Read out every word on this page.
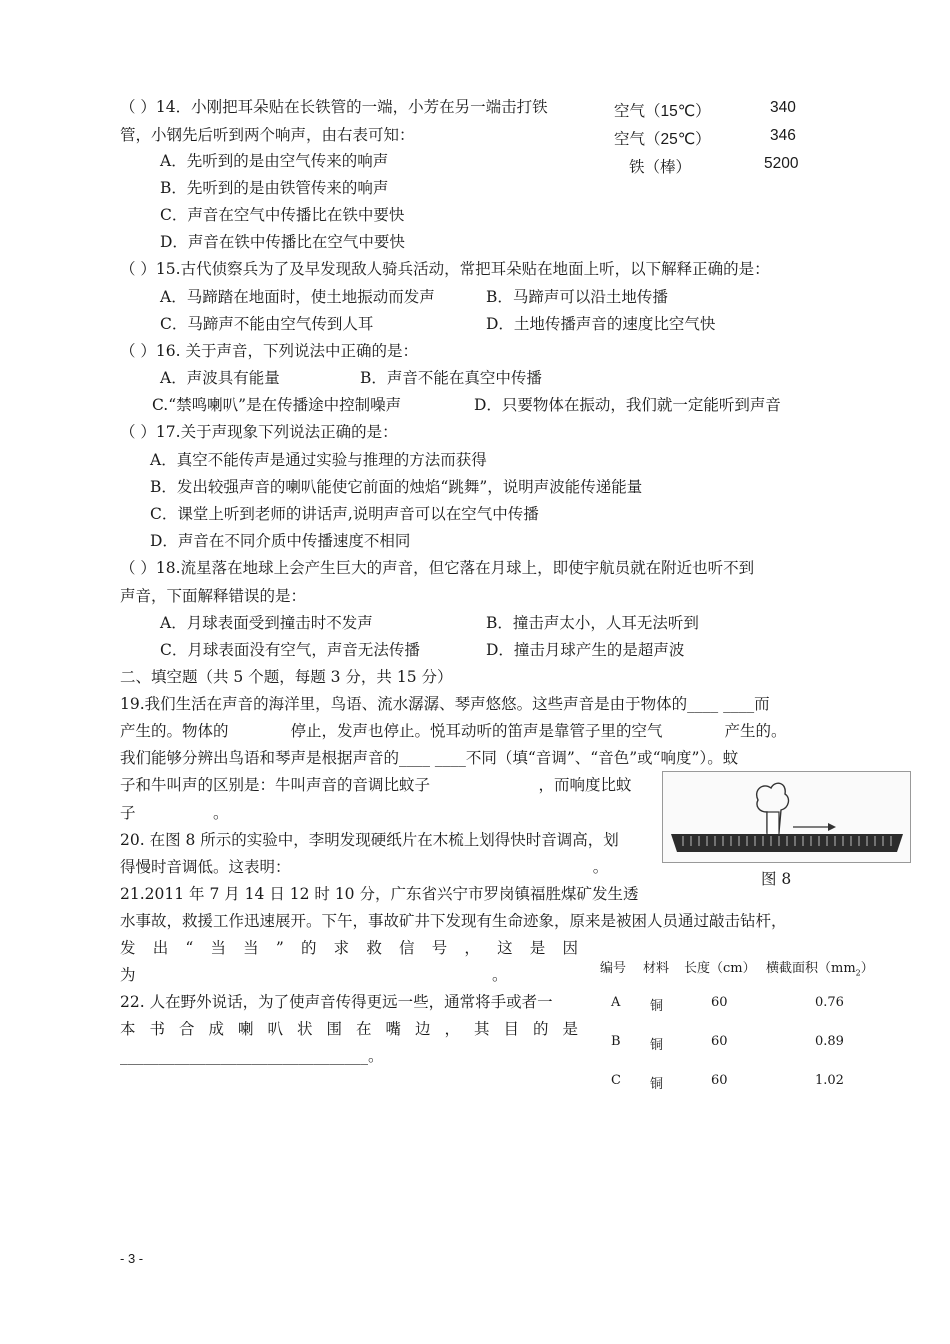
（ ）14．小刚把耳朵贴在长铁管的一端，小芳在另一端击打铁
管，小钢先后听到两个响声，由右表可知：
A．先听到的是由空气传来的响声
B．先听到的是由铁管传来的响声
C．声音在空气中传播比在铁中要快
D．声音在铁中传播比在空气中要快
空气（15℃）	340
空气（25℃）	346
铁（棒）	5200
（ ）15.古代侦察兵为了及早发现敌人骑兵活动，常把耳朵贴在地面上听，以下解释正确的是：
A．马蹄踏在地面时，使土地振动而发声	B．马蹄声可以沿土地传播
C．马蹄声不能由空气传到人耳	D．土地传播声音的速度比空气快
（ ）16. 关于声音，下列说法中正确的是：
A．声波具有能量	B．声音不能在真空中传播
C.“禁鸣喇叭”是在传播途中控制噪声	D．只要物体在振动，我们就一定能听到声音
（ ）17.关于声现象下列说法正确的是：
A．真空不能传声是通过实验与推理的方法而获得
B．发出较强声音的喇叭能使它前面的烛焰“跳舞”，说明声波能传递能量
C．课堂上听到老师的讲话声,说明声音可以在空气中传播
D．声音在不同介质中传播速度不相同
（ ）18.流星落在地球上会产生巨大的声音，但它落在月球上，即使宇航员就在附近也听不到
声音，下面解释错误的是：
A．月球表面受到撞击时不发声	B．撞击声太小，人耳无法听到
C．月球表面没有空气，声音无法传播	D．撞击月球产生的是超声波
二、填空题（共 5 个题，每题 3 分，共 15 分）
19.我们生活在声音的海洋里，鸟语、流水潺潺、琴声悠悠。这些声音是由于物体的____ ____而
产生的。物体的　　　　停止，发声也停止。悦耳动听的笛声是靠管子里的空气　　　　产生的。
我们能够分辨出鸟语和琴声是根据声音的____ ____不同（填“音调”、“音色”或“响度”）。蚊
子和牛叫声的区别是：牛叫声音的音调比蚊子　　　　　　　，而响度比蚊
子　　　　　。
图 8
20. 在图 8 所示的实验中，李明发现硬纸片在木梳上划得快时音调高，划
得慢时音调低。这表明：　　　　　　　　　　　　　　　　　　　　。
21.2011 年 7 月 14 日 12 时 10 分，广东省兴宁市罗岗镇福胜煤矿发生透
水事故，救援工作迅速展开。下午，事故矿井下发现有生命迹象，原来是被困人员通过敲击钻杆，
发出“当当”的求救信号，这是因
为　　　　　　　　　　　　　　　　　　　　　　　。
22. 人在野外说话，为了使声音传得更远一些，通常将手或者一
本书合成喇叭状围在嘴边，其目的是
________________________________。
编号 材料 长度（cm） 横截面积$(mm_2)$
A 铜	60	0.76
B 铜	60	0.89
C 铜	60	1.02
- 3 -
